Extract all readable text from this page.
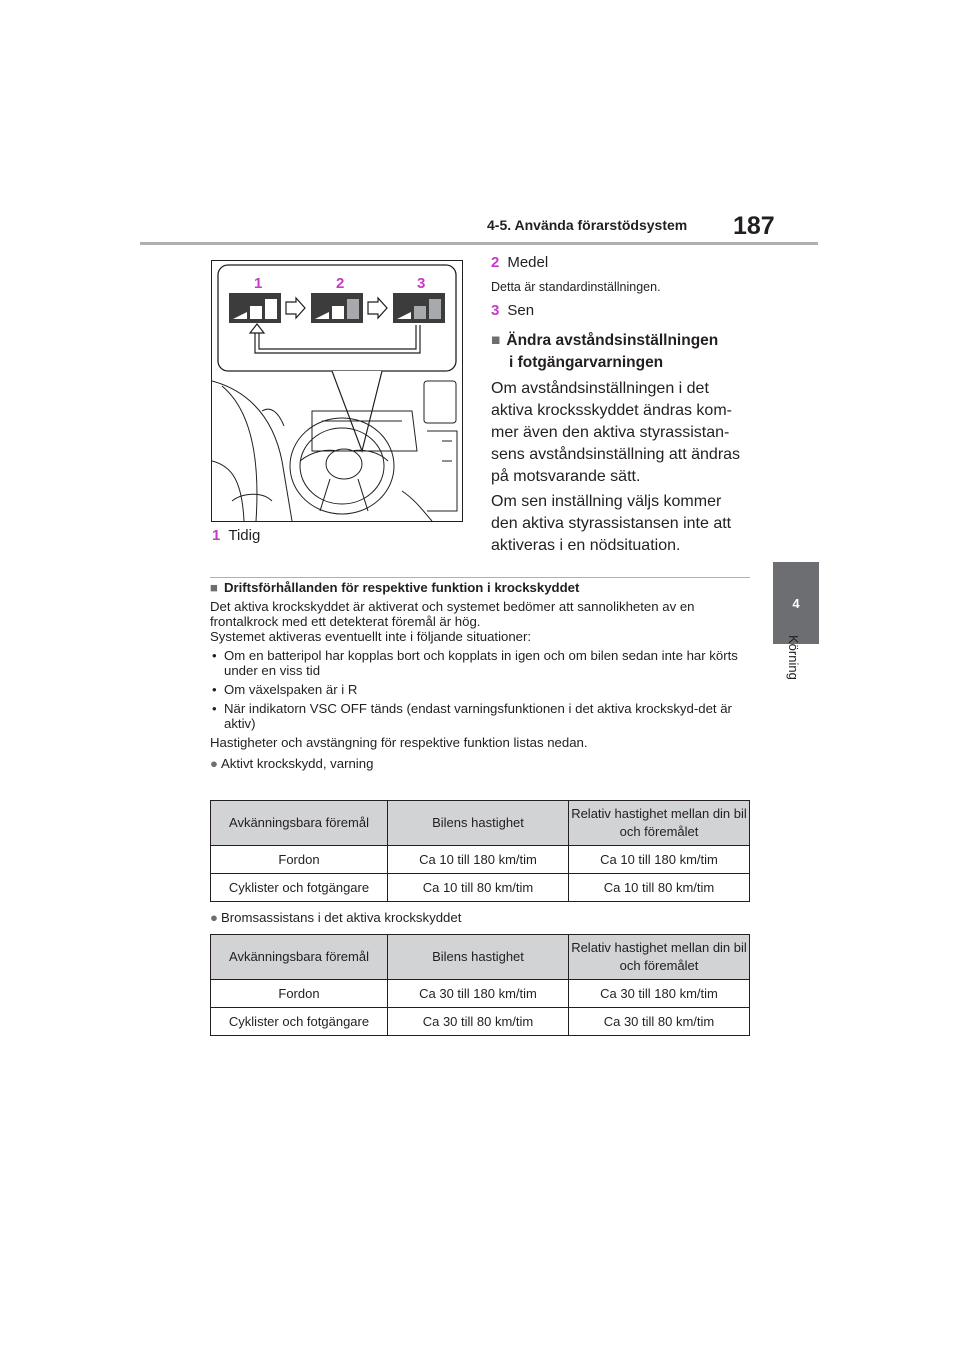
4-5. Använda förarstödsystem 187
4
Körning
1	2	3
1 Tidig
2 Medel
Detta är standardinställningen.
3 Sen
■ Ändra avståndsinställningen
i fotgängarvarningen
Om avståndsinställningen i det aktiva krocksskyddet ändras kom-mer även den aktiva styrassistan-sens avståndsinställning att ändras på motsvarande sätt.
Om sen inställning väljs kommer den aktiva styrassistansen inte att aktiveras i en nödsituation.

■ Driftsförhållanden för respektive funktion i krockskyddet

Det aktiva krockskyddet är aktiverat och systemet bedömer att sannolikheten av en frontalkrock med ett detekterat föremål är hög.

Systemet aktiveras eventuellt inte i följande situationer:

• Om en batteripol har kopplas bort och kopplats in igen och om bilen sedan inte har körts under en viss tid

• Om växelspaken är i R

• När indikatorn VSC OFF tänds (endast varningsfunktionen i det aktiva krockskyd-det är aktiv)

Hastigheter och avstängning för respektive funktion listas nedan.

● Aktivt krockskydd, varning

Avkänningsbara föremål	Bilens hastighet	Relativ hastighet mellan din bil och föremålet
Fordon	Ca 10 till 180 km/tim	Ca 10 till 180 km/tim
Cyklister och fotgängare	Ca 10 till 80 km/tim	Ca 10 till 80 km/tim
● Bromsassistans i det aktiva krockskyddet
Avkänningsbara föremål	Bilens hastighet	Relativ hastighet mellan din bil och föremålet
Fordon	Ca 30 till 180 km/tim	Ca 30 till 180 km/tim
Cyklister och fotgängare	Ca 30 till 80 km/tim	Ca 30 till 80 km/tim
